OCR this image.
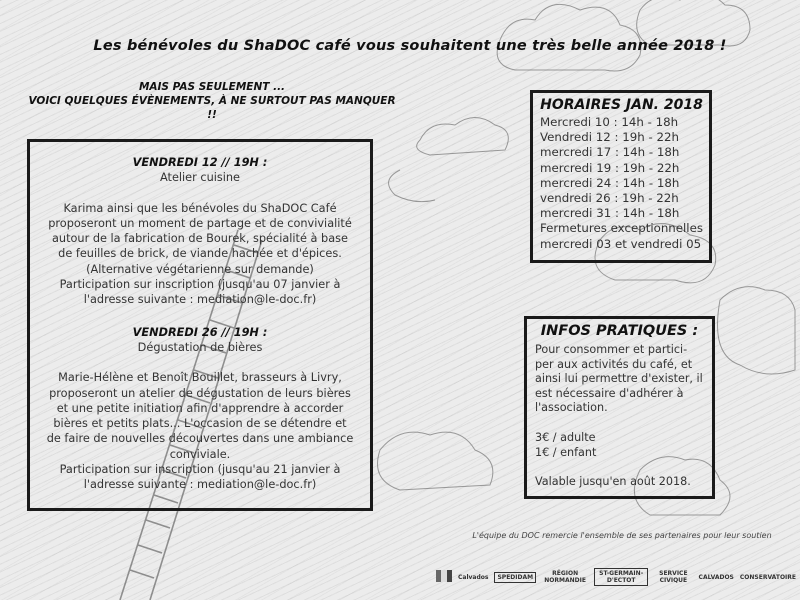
Les bénévoles du ShaDOC café vous souhaitent une très belle année 2018 !
MAIS PAS SEULEMENT ...
VOICI QUELQUES ÉVÈNEMENTS, À NE SURTOUT PAS MANQUER !!
VENDREDI 12 // 19H :
Atelier cuisine
Karima ainsi que les bénévoles du ShaDOC Café
proposeront un moment de partage et de convivialité
autour de la fabrication de Bourek, spécialité à base
de feuilles de brick, de viande hachée et d'épices.
(Alternative végétarienne sur demande)
Participation sur inscription (jusqu'au 07 janvier à
l'adresse suivante : mediation@le-doc.fr)
VENDREDI 26 // 19H :
Dégustation de bières
Marie-Hélène et Benoît Bouillet, brasseurs à Livry,
proposeront un atelier de dégustation de leurs bières
et une petite initiation afin d'apprendre à accorder
bières et petits plats... L'occasion de se détendre et
de faire de nouvelles découvertes dans une ambiance
conviviale.
Participation sur inscription (jusqu'au 21 janvier à
l'adresse suivante : mediation@le-doc.fr)
HORAIRES JAN. 2018
Mercredi 10 : 14h - 18h
Vendredi 12 : 19h - 22h
mercredi 17 : 14h - 18h
mercredi 19 : 19h - 22h
mercredi 24 : 14h - 18h
vendredi 26 : 19h - 22h
mercredi 31 : 14h - 18h
Fermetures exceptionnelles
mercredi 03 et vendredi 05
INFOS PRATIQUES :
Pour consommer et partici-
per aux activités du café, et
ainsi lui permettre d'exister, il
est nécessaire d'adhérer à
l'association.
3€ / adulte
1€ / enfant
Valable jusqu'en août 2018.
L'équipe du DOC remercie l'ensemble de ses partenaires pour leur soutien
Calvados	SPEDIDAM	RÉGION NORMANDIE
ST-GERMAIN-D'ECTOT
SERVICE CIVIQUE	CALVADOS CONSERVATOIRE
